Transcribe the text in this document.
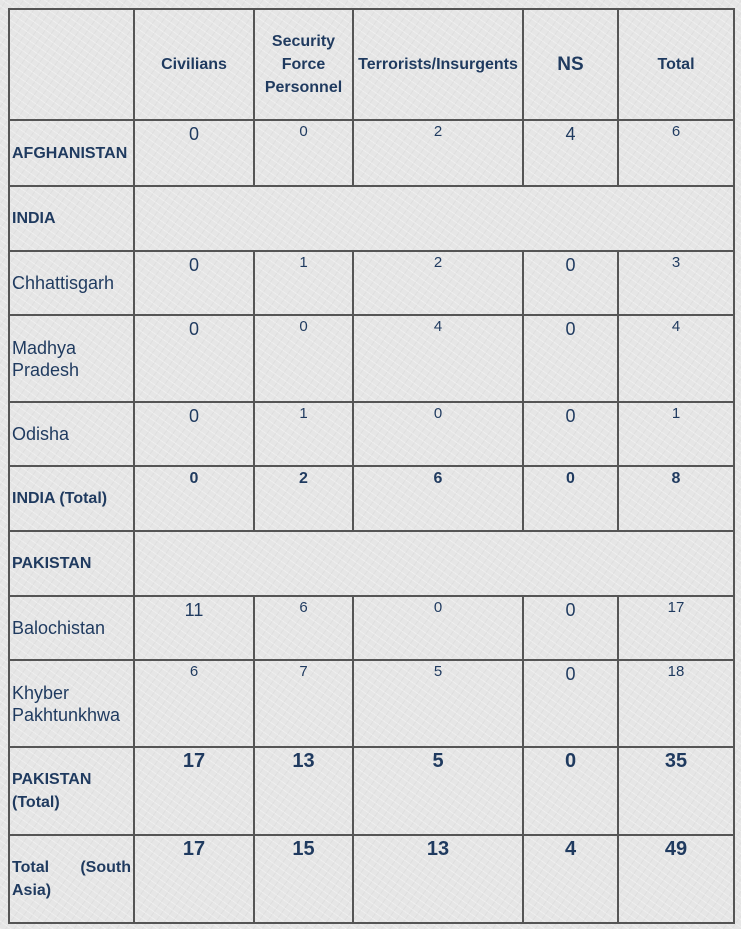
	Civilians	Security Force Personnel	Terrorists/Insurgents	NS	Total
AFGHANISTAN	0	0	2	4	6
INDIA					
Chhattisgarh	0	1	2	0	3
Madhya Pradesh	0	0	4	0	4
Odisha	0	1	0	0	1
INDIA (Total)	0	2	6	0	8
PAKISTAN					
Balochistan	11	6	0	0	17
Khyber Pakhtunkhwa	6	7	5	0	18
PAKISTAN (Total)	17	13	5	0	35
Total (South Asia)	17	15	13	4	49
